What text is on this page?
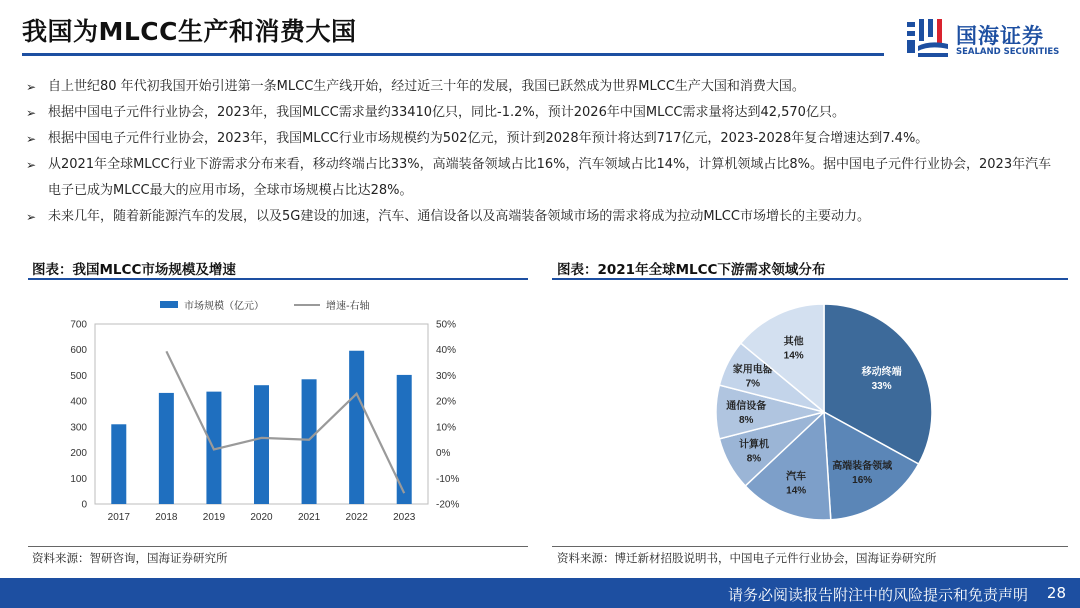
我国为MLCC生产和消费大国	国海证券
SEALAND SECURITIES
➢ 自上世纪80 年代初我国开始引进第一条MLCC生产线开始，经过近三十年的发展，我国已跃然成为世界MLCC生产大国和消费大国。
➢ 根据中国电子元件行业协会，2023年，我国MLCC需求量约33410亿只，同比-1.2%，预计2026年中国MLCC需求量将达到42,570亿只。
➢ 根据中国电子元件行业协会，2023年，我国MLCC行业市场规模约为502亿元，预计到2028年预计将达到717亿元，2023-2028年复合增速达到7.4%。
➢ 从2021年全球MLCC行业下游需求分布来看，移动终端占比33%，高端装备领域占比16%，汽车领域占比14%，计算机领域占比8%。据中国电子元件行业协会，2023年汽车电子已成为MLCC最大的应用市场，全球市场规模占比达28%。
➢ 未来几年，随着新能源汽车的发展，以及5G建设的加速，汽车、通信设备以及高端装备领域市场的需求将成为拉动MLCC市场增长的主要动力。
图表：我国MLCC市场规模及增速
市场规模（亿元）	增速-右轴
0
100
200
300
400
500
600
700
-20%
-10%
0%
10%
20%
30%
40%
50%
2017	2018	2019	2020	2021	2022	2023
资料来源：智研咨询，国海证券研究所
图表：2021年全球MLCC下游需求领域分布
移动终端
33%
高端装备领域
16%
汽车
14%
计算机
8%
通信设备
8%
家用电器
7%
其他
14%
资料来源：博迁新材招股说明书，中国电子元件行业协会，国海证券研究所
请务必阅读报告附注中的风险提示和免责声明 28
